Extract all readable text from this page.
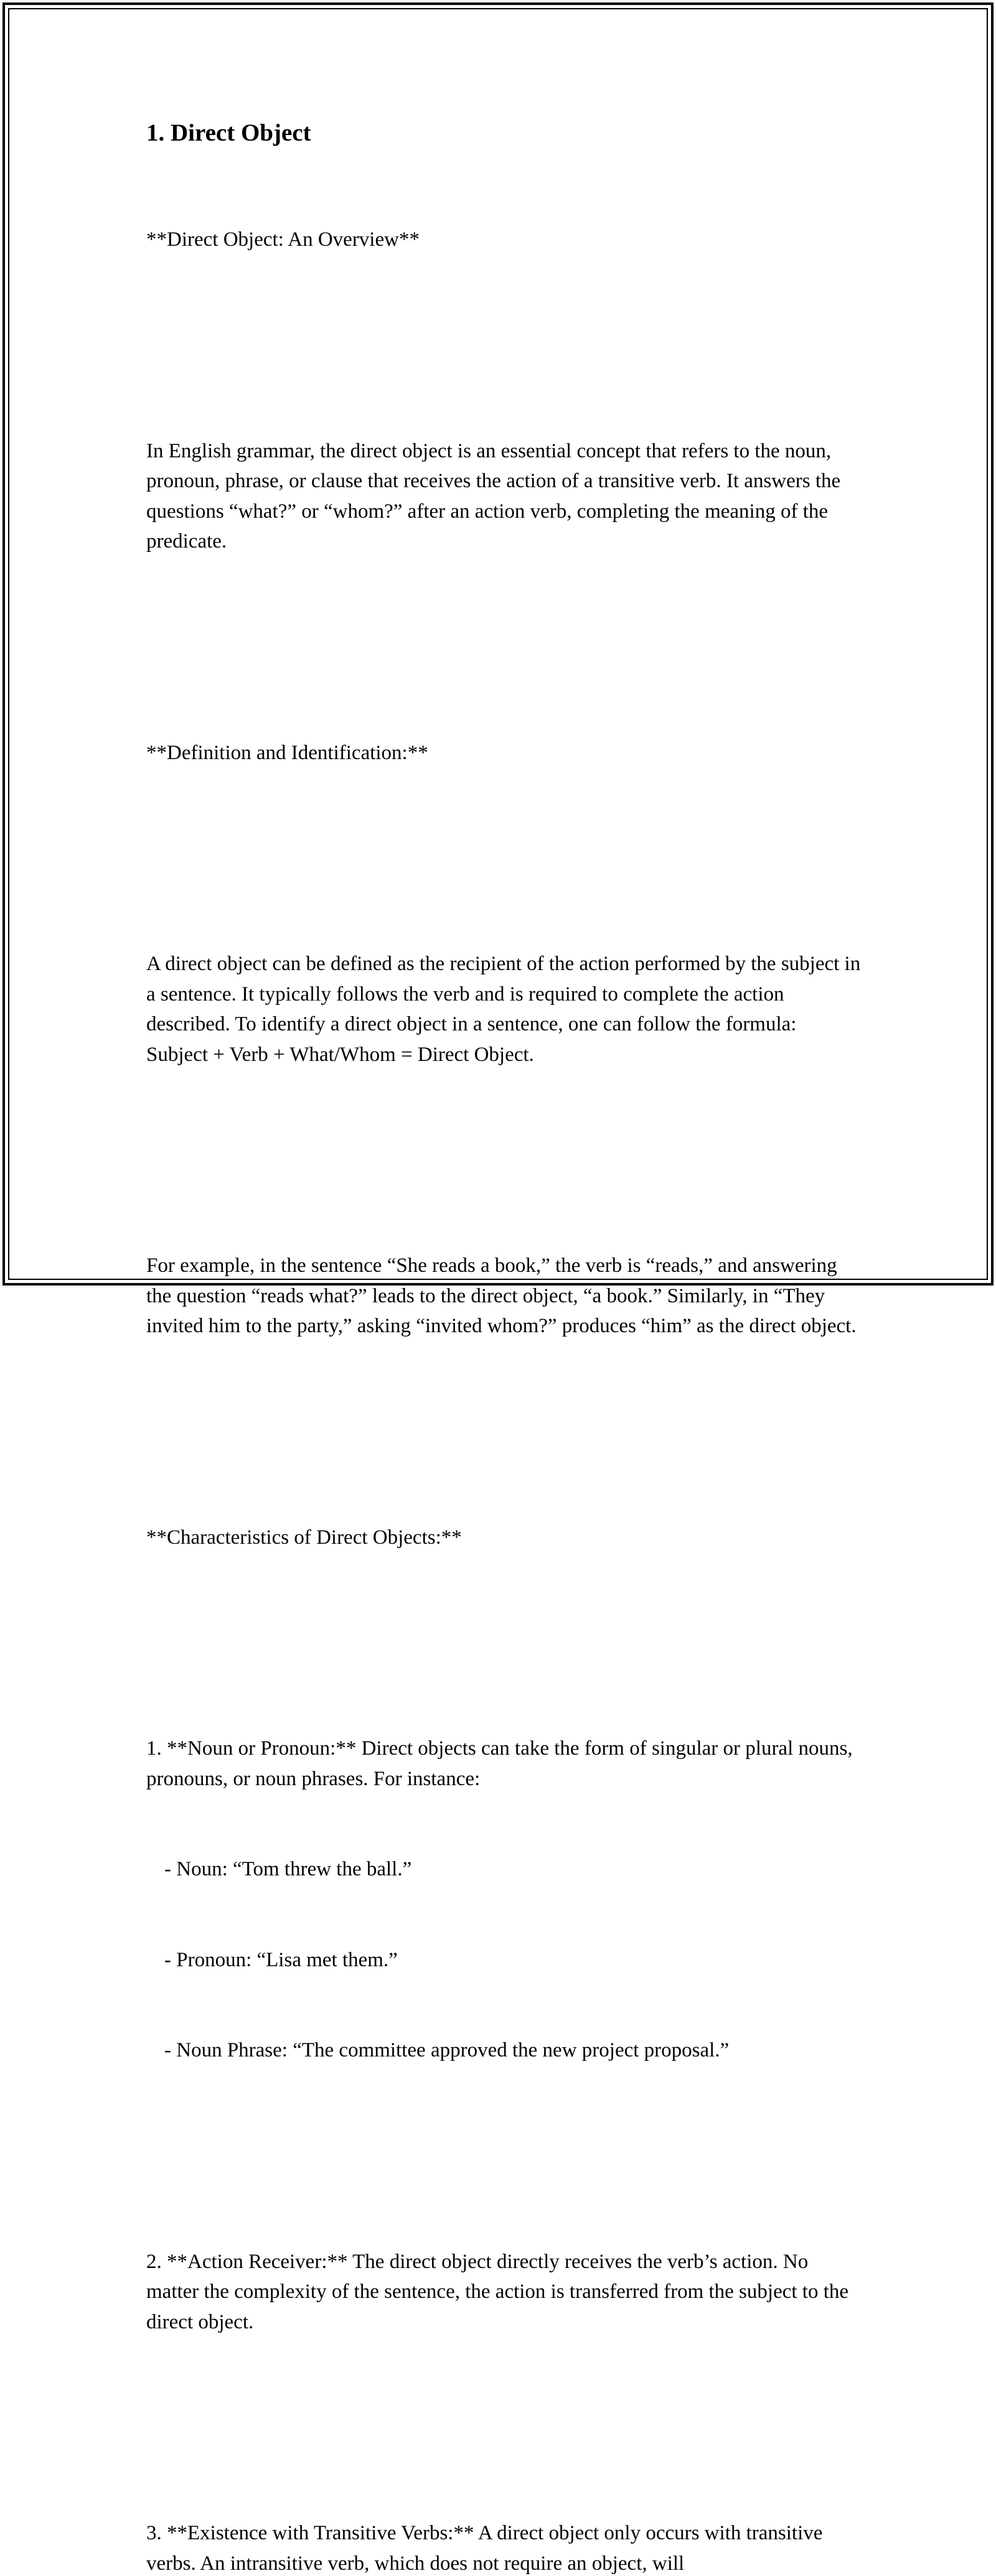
1. Direct Object

**Direct Object: An Overview**

In English grammar, the direct object is an essential concept that refers to the noun, pronoun, phrase, or clause that receives the action of a transitive verb. It answers the questions “what?” or “whom?” after an action verb, completing the meaning of the predicate.

**Definition and Identification:**

A direct object can be defined as the recipient of the action performed by the subject in a sentence. It typically follows the verb and is required to complete the action described. To identify a direct object in a sentence, one can follow the formula: Subject + Verb + What/Whom = Direct Object.

For example, in the sentence “She reads a book,” the verb is “reads,” and answering the question “reads what?” leads to the direct object, “a book.” Similarly, in “They invited him to the party,” asking “invited whom?” produces “him” as the direct object.

**Characteristics of Direct Objects:**

1. **Noun or Pronoun:** Direct objects can take the form of singular or plural nouns, pronouns, or noun phrases. For instance:

- Noun: “Tom threw the ball.”

- Pronoun: “Lisa met them.”

- Noun Phrase: “The committee approved the new project proposal.”

2. **Action Receiver:** The direct object directly receives the verb’s action. No matter the complexity of the sentence, the action is transferred from the subject to the direct object.

3. **Existence with Transitive Verbs:** A direct object only occurs with transitive verbs. An intransitive verb, which does not require an object, will
